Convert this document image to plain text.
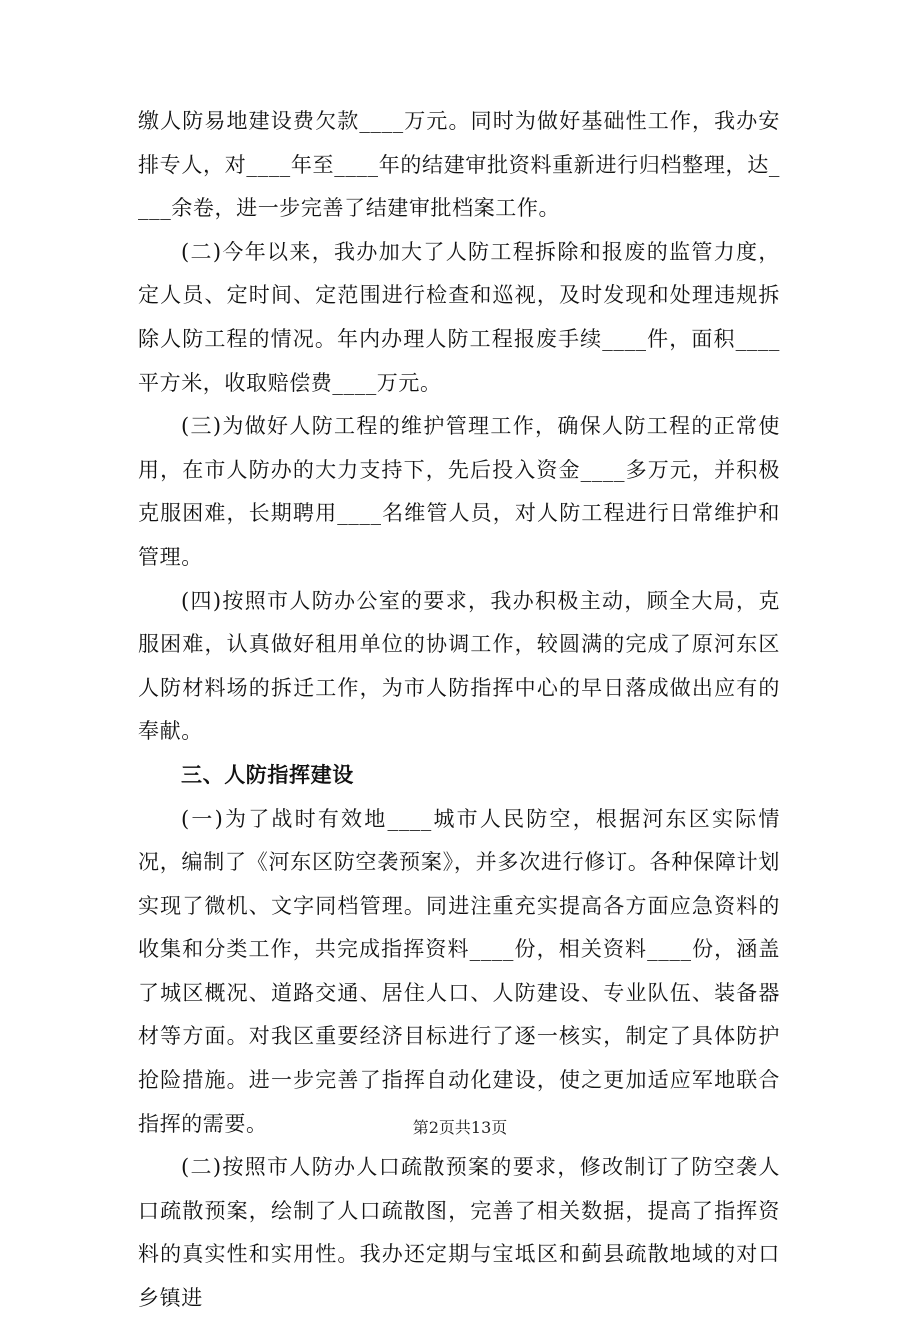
缴人防易地建设费欠款____万元。同时为做好基础性工作，我办安排专人，对____年至____年的结建审批资料重新进行归档整理，达____余卷，进一步完善了结建审批档案工作。

(二)今年以来，我办加大了人防工程拆除和报废的监管力度，定人员、定时间、定范围进行检查和巡视，及时发现和处理违规拆除人防工程的情况。年内办理人防工程报废手续____件，面积____平方米，收取赔偿费____万元。

(三)为做好人防工程的维护管理工作，确保人防工程的正常使用，在市人防办的大力支持下，先后投入资金____多万元，并积极克服困难，长期聘用____名维管人员，对人防工程进行日常维护和管理。

(四)按照市人防办公室的要求，我办积极主动，顾全大局，克服困难，认真做好租用单位的协调工作，较圆满的完成了原河东区人防材料场的拆迁工作，为市人防指挥中心的早日落成做出应有的奉献。

三、人防指挥建设

(一)为了战时有效地____城市人民防空，根据河东区实际情况，编制了《河东区防空袭预案》，并多次进行修订。各种保障计划实现了微机、文字同档管理。同进注重充实提高各方面应急资料的收集和分类工作，共完成指挥资料____份，相关资料____份，涵盖了城区概况、道路交通、居住人口、人防建设、专业队伍、装备器材等方面。对我区重要经济目标进行了逐一核实，制定了具体防护抢险措施。进一步完善了指挥自动化建设，使之更加适应军地联合指挥的需要。

(二)按照市人防办人口疏散预案的要求，修改制订了防空袭人口疏散预案，绘制了人口疏散图，完善了相关数据，提高了指挥资料的真实性和实用性。我办还定期与宝坻区和蓟县疏散地域的对口乡镇进

第2页共13页
